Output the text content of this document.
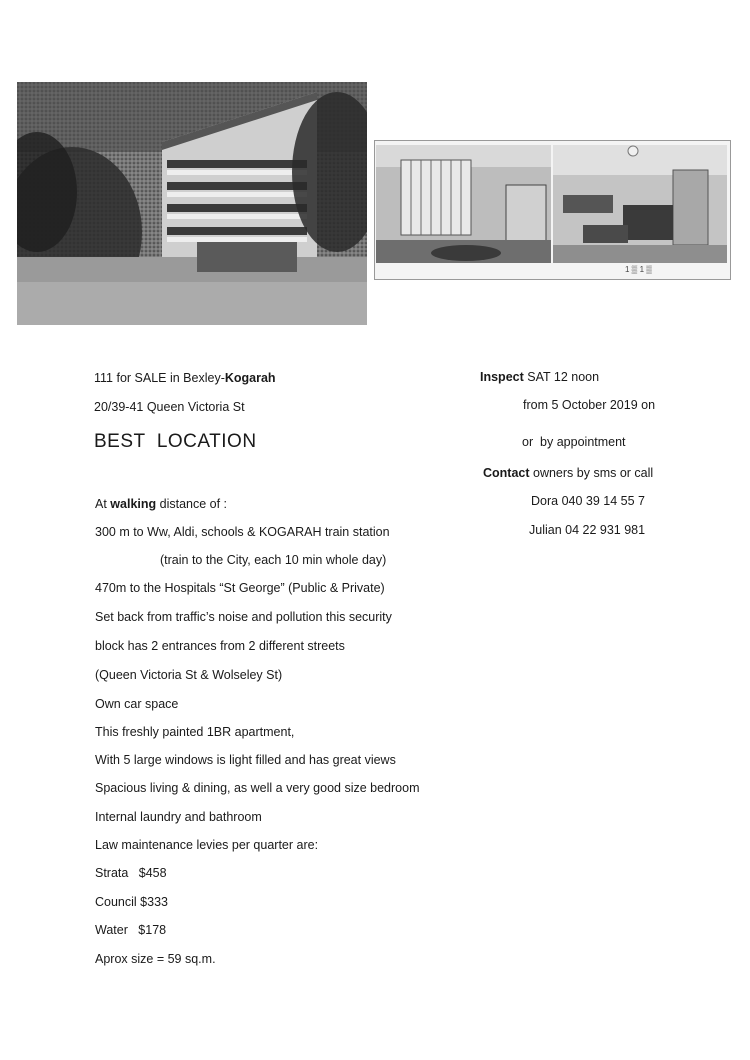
1 ▒ 1 ▒
111 for SALE in Bexley-Kogarah
20/39-41 Queen Victoria St
BEST  LOCATION
At walking distance of :
300 m to Ww, Aldi, schools & KOGARAH train station
(train to the City, each 10 min whole day)
470m to the Hospitals “St George” (Public & Private)
Set back from traffic’s noise and pollution this security
block has 2 entrances from 2 different streets
(Queen Victoria St & Wolseley St)
Own car space
This freshly painted 1BR apartment,
With 5 large windows is light filled and has great views
Spacious living & dining, as well a very good size bedroom
Internal laundry and bathroom
Law maintenance levies per quarter are:
Strata   $458
Council $333
Water   $178
Aprox size = 59 sq.m.
Inspect SAT 12 noon
from 5 October 2019 on
or  by appointment
Contact owners by sms or call
Dora 040 39 14 55 7
Julian 04 22 931 981
